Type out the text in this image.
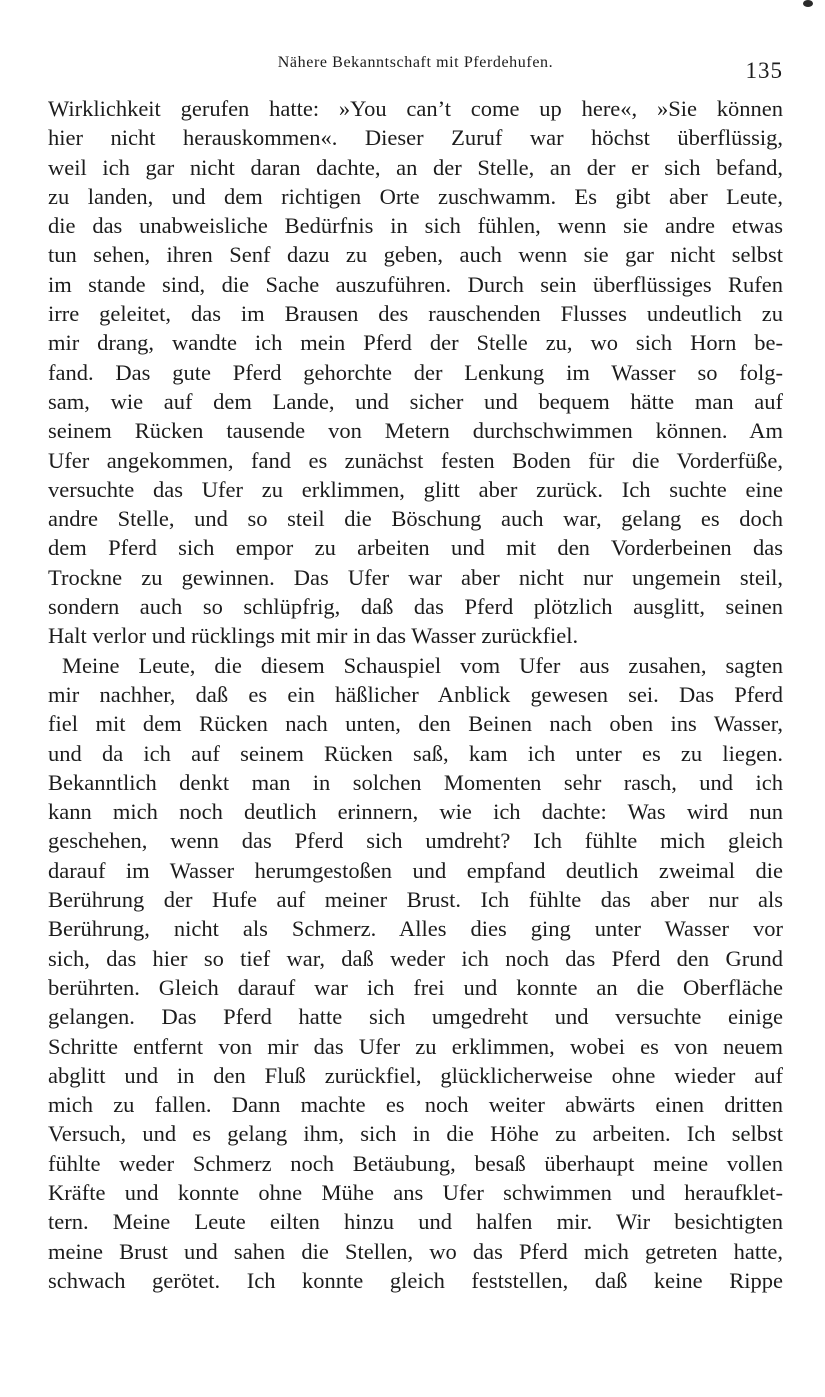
Nähere Bekanntschaft mit Pferdehufen.	135
Wirklichkeit gerufen hatte: »You can’t come up here«, »Sie können
hier nicht herauskommen«. Dieser Zuruf war höchst überflüssig,
weil ich gar nicht daran dachte, an der Stelle, an der er sich befand,
zu landen, und dem richtigen Orte zuschwamm. Es gibt aber Leute,
die das unabweisliche Bedürfnis in sich fühlen, wenn sie andre etwas
tun sehen, ihren Senf dazu zu geben, auch wenn sie gar nicht selbst
im stande sind, die Sache auszuführen. Durch sein überflüssiges Rufen
irre geleitet, das im Brausen des rauschenden Flusses undeutlich zu
mir drang, wandte ich mein Pferd der Stelle zu, wo sich Horn be-
fand. Das gute Pferd gehorchte der Lenkung im Wasser so folg-
sam, wie auf dem Lande, und sicher und bequem hätte man auf
seinem Rücken tausende von Metern durchschwimmen können. Am
Ufer angekommen, fand es zunächst festen Boden für die Vorderfüße,
versuchte das Ufer zu erklimmen, glitt aber zurück. Ich suchte eine
andre Stelle, und so steil die Böschung auch war, gelang es doch
dem Pferd sich empor zu arbeiten und mit den Vorderbeinen das
Trockne zu gewinnen. Das Ufer war aber nicht nur ungemein steil,
sondern auch so schlüpfrig, daß das Pferd plötzlich ausglitt, seinen
Halt verlor und rücklings mit mir in das Wasser zurückfiel.
Meine Leute, die diesem Schauspiel vom Ufer aus zusahen, sagten
mir nachher, daß es ein häßlicher Anblick gewesen sei. Das Pferd
fiel mit dem Rücken nach unten, den Beinen nach oben ins Wasser,
und da ich auf seinem Rücken saß, kam ich unter es zu liegen.
Bekanntlich denkt man in solchen Momenten sehr rasch, und ich
kann mich noch deutlich erinnern, wie ich dachte: Was wird nun
geschehen, wenn das Pferd sich umdreht? Ich fühlte mich gleich
darauf im Wasser herumgestoßen und empfand deutlich zweimal die
Berührung der Hufe auf meiner Brust. Ich fühlte das aber nur als
Berührung, nicht als Schmerz. Alles dies ging unter Wasser vor
sich, das hier so tief war, daß weder ich noch das Pferd den Grund
berührten. Gleich darauf war ich frei und konnte an die Oberfläche
gelangen. Das Pferd hatte sich umgedreht und versuchte einige
Schritte entfernt von mir das Ufer zu erklimmen, wobei es von neuem
abglitt und in den Fluß zurückfiel, glücklicherweise ohne wieder auf
mich zu fallen. Dann machte es noch weiter abwärts einen dritten
Versuch, und es gelang ihm, sich in die Höhe zu arbeiten. Ich selbst
fühlte weder Schmerz noch Betäubung, besaß überhaupt meine vollen
Kräfte und konnte ohne Mühe ans Ufer schwimmen und heraufklet-
tern. Meine Leute eilten hinzu und halfen mir. Wir besichtigten
meine Brust und sahen die Stellen, wo das Pferd mich getreten hatte,
schwach gerötet. Ich konnte gleich feststellen, daß keine Rippe
